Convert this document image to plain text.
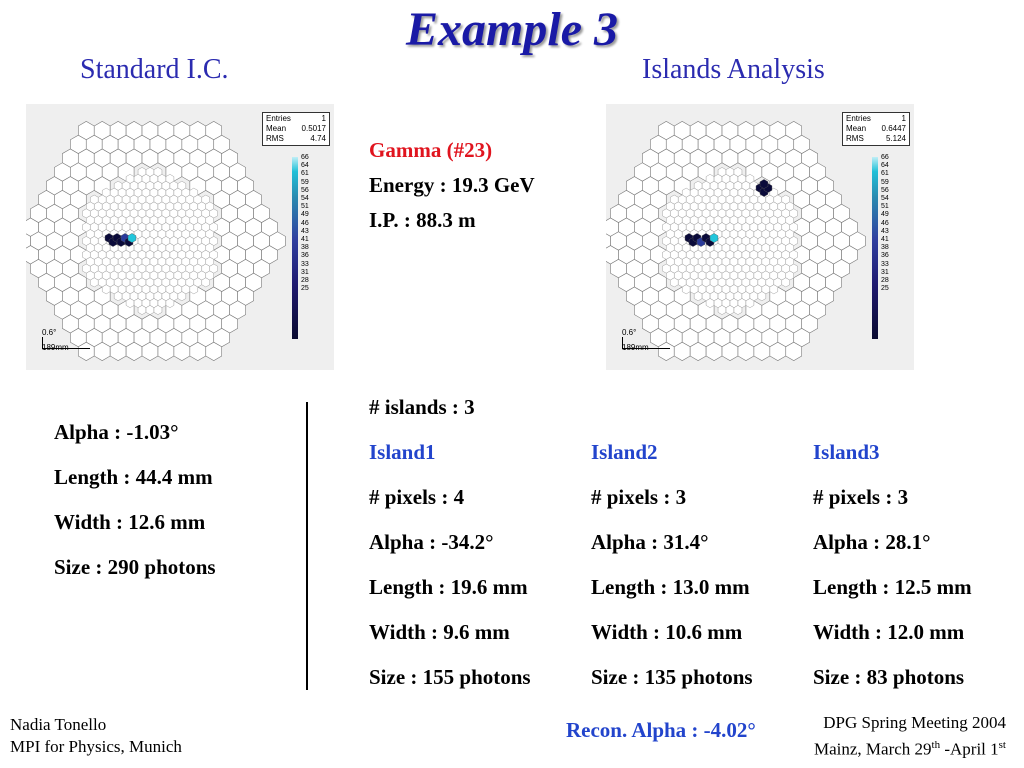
Example 3
Standard I.C.	Islands Analysis
Entries	1
Mean 0.5017
RMS	4.74
66
64
61
59
56
54
51
49
46
43
41
38
36
33
31
28
25
0.6°
Entries	1
Mean 0.6447
RMS	5.124
66
64
61
59
56
54
51
49
46
43
41
38
36
33
31
28
25
0.6°
Gamma (#23)
Energy : 19.3 GeV
I.P. : 88.3 m
Alpha : -1.03°
Length : 44.4 mm
Width : 12.6 mm
Size : 290 photons
# islands : 3
Island1
# pixels : 4
Alpha : -34.2°
Length : 19.6 mm
Width : 9.6 mm
Size : 155 photons
Island2
# pixels : 3
Alpha : 31.4°
Length : 13.0 mm
Width : 10.6 mm
Size : 135 photons
Island3
# pixels : 3
Alpha : 28.1°
Length : 12.5 mm
Width : 12.0 mm
Size : 83 photons
Recon. Alpha : -4.02°
Nadia Tonello
MPI for Physics, Munich
DPG Spring Meeting 2004
Mainz, March 29th -April 1st
